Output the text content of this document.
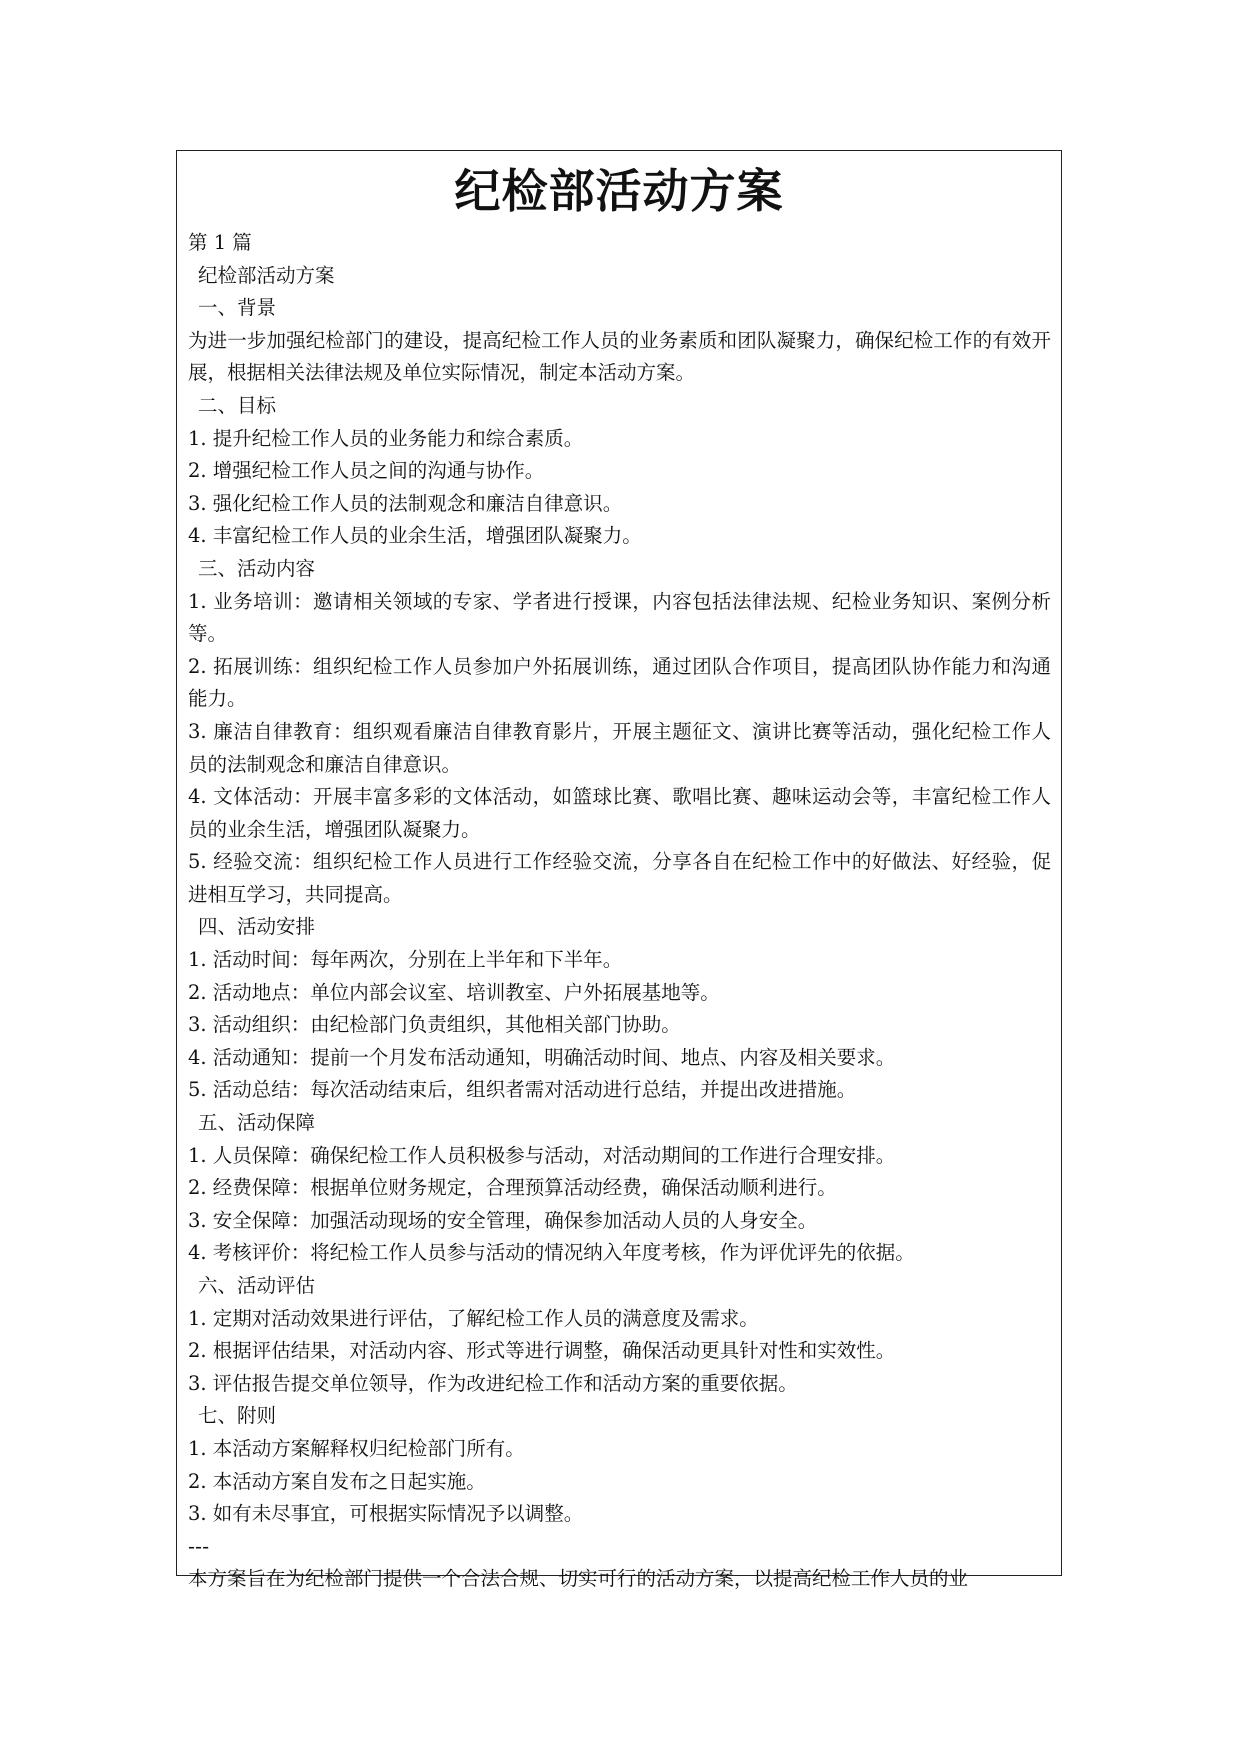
纪检部活动方案
第 1 篇
纪检部活动方案
一、背景
为进一步加强纪检部门的建设，提高纪检工作人员的业务素质和团队凝聚力，确保纪检工作的有效开展，根据相关法律法规及单位实际情况，制定本活动方案。
二、目标
1. 提升纪检工作人员的业务能力和综合素质。
2. 增强纪检工作人员之间的沟通与协作。
3. 强化纪检工作人员的法制观念和廉洁自律意识。
4. 丰富纪检工作人员的业余生活，增强团队凝聚力。
三、活动内容
1. 业务培训：邀请相关领域的专家、学者进行授课，内容包括法律法规、纪检业务知识、案例分析等。
2. 拓展训练：组织纪检工作人员参加户外拓展训练，通过团队合作项目，提高团队协作能力和沟通能力。
3. 廉洁自律教育：组织观看廉洁自律教育影片，开展主题征文、演讲比赛等活动，强化纪检工作人员的法制观念和廉洁自律意识。
4. 文体活动：开展丰富多彩的文体活动，如篮球比赛、歌唱比赛、趣味运动会等，丰富纪检工作人员的业余生活，增强团队凝聚力。
5. 经验交流：组织纪检工作人员进行工作经验交流，分享各自在纪检工作中的好做法、好经验，促进相互学习，共同提高。
四、活动安排
1. 活动时间：每年两次，分别在上半年和下半年。
2. 活动地点：单位内部会议室、培训教室、户外拓展基地等。
3. 活动组织：由纪检部门负责组织，其他相关部门协助。
4. 活动通知：提前一个月发布活动通知，明确活动时间、地点、内容及相关要求。
5. 活动总结：每次活动结束后，组织者需对活动进行总结，并提出改进措施。
五、活动保障
1. 人员保障：确保纪检工作人员积极参与活动，对活动期间的工作进行合理安排。
2. 经费保障：根据单位财务规定，合理预算活动经费，确保活动顺利进行。
3. 安全保障：加强活动现场的安全管理，确保参加活动人员的人身安全。
4. 考核评价：将纪检工作人员参与活动的情况纳入年度考核，作为评优评先的依据。
六、活动评估
1. 定期对活动效果进行评估，了解纪检工作人员的满意度及需求。
2. 根据评估结果，对活动内容、形式等进行调整，确保活动更具针对性和实效性。
3. 评估报告提交单位领导，作为改进纪检工作和活动方案的重要依据。
七、附则
1. 本活动方案解释权归纪检部门所有。
2. 本活动方案自发布之日起实施。
3. 如有未尽事宜，可根据实际情况予以调整。
---
本方案旨在为纪检部门提供一个合法合规、切实可行的活动方案，以提高纪检工作人员的业
